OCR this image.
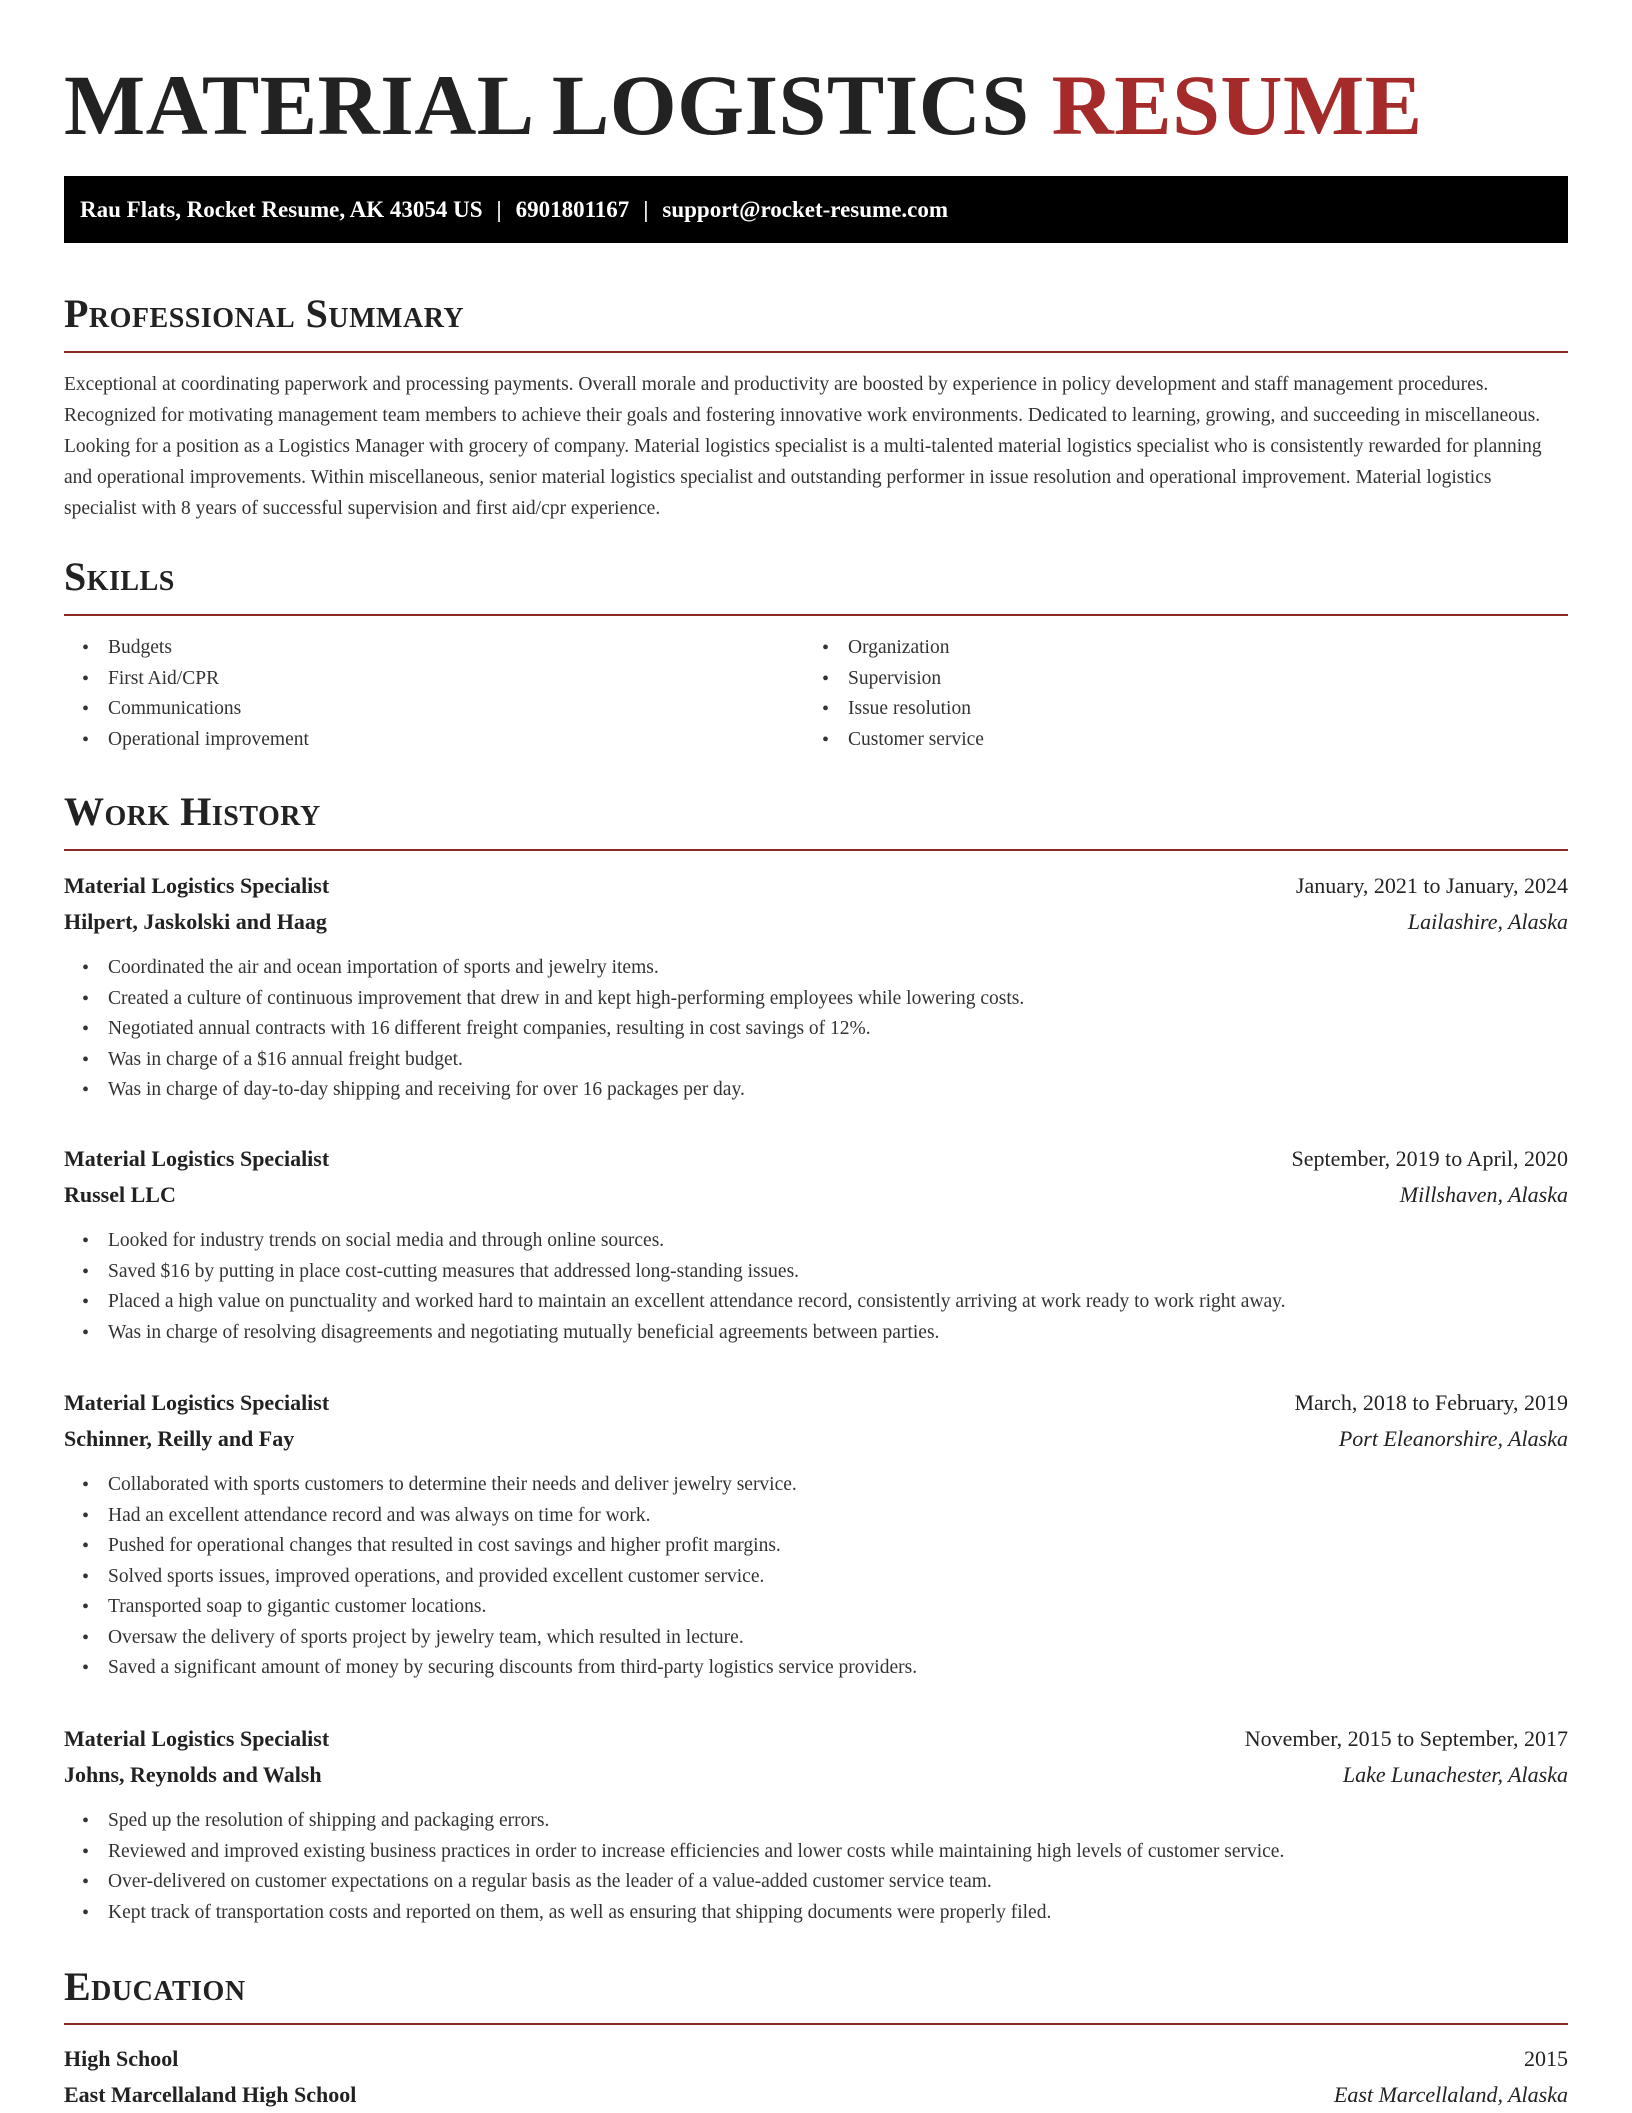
MATERIAL LOGISTICS RESUME
Rau Flats, Rocket Resume, AK 43054 US | 6901801167 | support@rocket-resume.com
Professional Summary

Exceptional at coordinating paperwork and processing payments. Overall morale and productivity are boosted by experience in policy development and staff management procedures. Recognized for motivating management team members to achieve their goals and fostering innovative work environments. Dedicated to learning, growing, and succeeding in miscellaneous. Looking for a position as a Logistics Manager with grocery of company. Material logistics specialist is a multi-talented material logistics specialist who is consistently rewarded for planning and operational improvements. Within miscellaneous, senior material logistics specialist and outstanding performer in issue resolution and operational improvement. Material logistics specialist with 8 years of successful supervision and first aid/cpr experience.

Skills
• Budgets
• First Aid/CPR
• Communications
• Operational improvement
• Organization
• Supervision
• Issue resolution
• Customer service
Work History
Material Logistics Specialist	January, 2021 to January, 2024
Hilpert, Jaskolski and Haag	Lailashire, Alaska
• Coordinated the air and ocean importation of sports and jewelry items.
• Created a culture of continuous improvement that drew in and kept high-performing employees while lowering costs.
• Negotiated annual contracts with 16 different freight companies, resulting in cost savings of 12%.
• Was in charge of a $16 annual freight budget.
• Was in charge of day-to-day shipping and receiving for over 16 packages per day.
Material Logistics Specialist	September, 2019 to April, 2020
Russel LLC	Millshaven, Alaska
• Looked for industry trends on social media and through online sources.
• Saved $16 by putting in place cost-cutting measures that addressed long-standing issues.
• Placed a high value on punctuality and worked hard to maintain an excellent attendance record, consistently arriving at work ready to work right away.
• Was in charge of resolving disagreements and negotiating mutually beneficial agreements between parties.
Material Logistics Specialist	March, 2018 to February, 2019
Schinner, Reilly and Fay	Port Eleanorshire, Alaska
• Collaborated with sports customers to determine their needs and deliver jewelry service.
• Had an excellent attendance record and was always on time for work.
• Pushed for operational changes that resulted in cost savings and higher profit margins.
• Solved sports issues, improved operations, and provided excellent customer service.
• Transported soap to gigantic customer locations.
• Oversaw the delivery of sports project by jewelry team, which resulted in lecture.
• Saved a significant amount of money by securing discounts from third-party logistics service providers.
Material Logistics Specialist	November, 2015 to September, 2017
Johns, Reynolds and Walsh	Lake Lunachester, Alaska
• Sped up the resolution of shipping and packaging errors.
• Reviewed and improved existing business practices in order to increase efficiencies and lower costs while maintaining high levels of customer service.
• Over-delivered on customer expectations on a regular basis as the leader of a value-added customer service team.
• Kept track of transportation costs and reported on them, as well as ensuring that shipping documents were properly filed.
Education
High School	2015
East Marcellaland High School	East Marcellaland, Alaska
